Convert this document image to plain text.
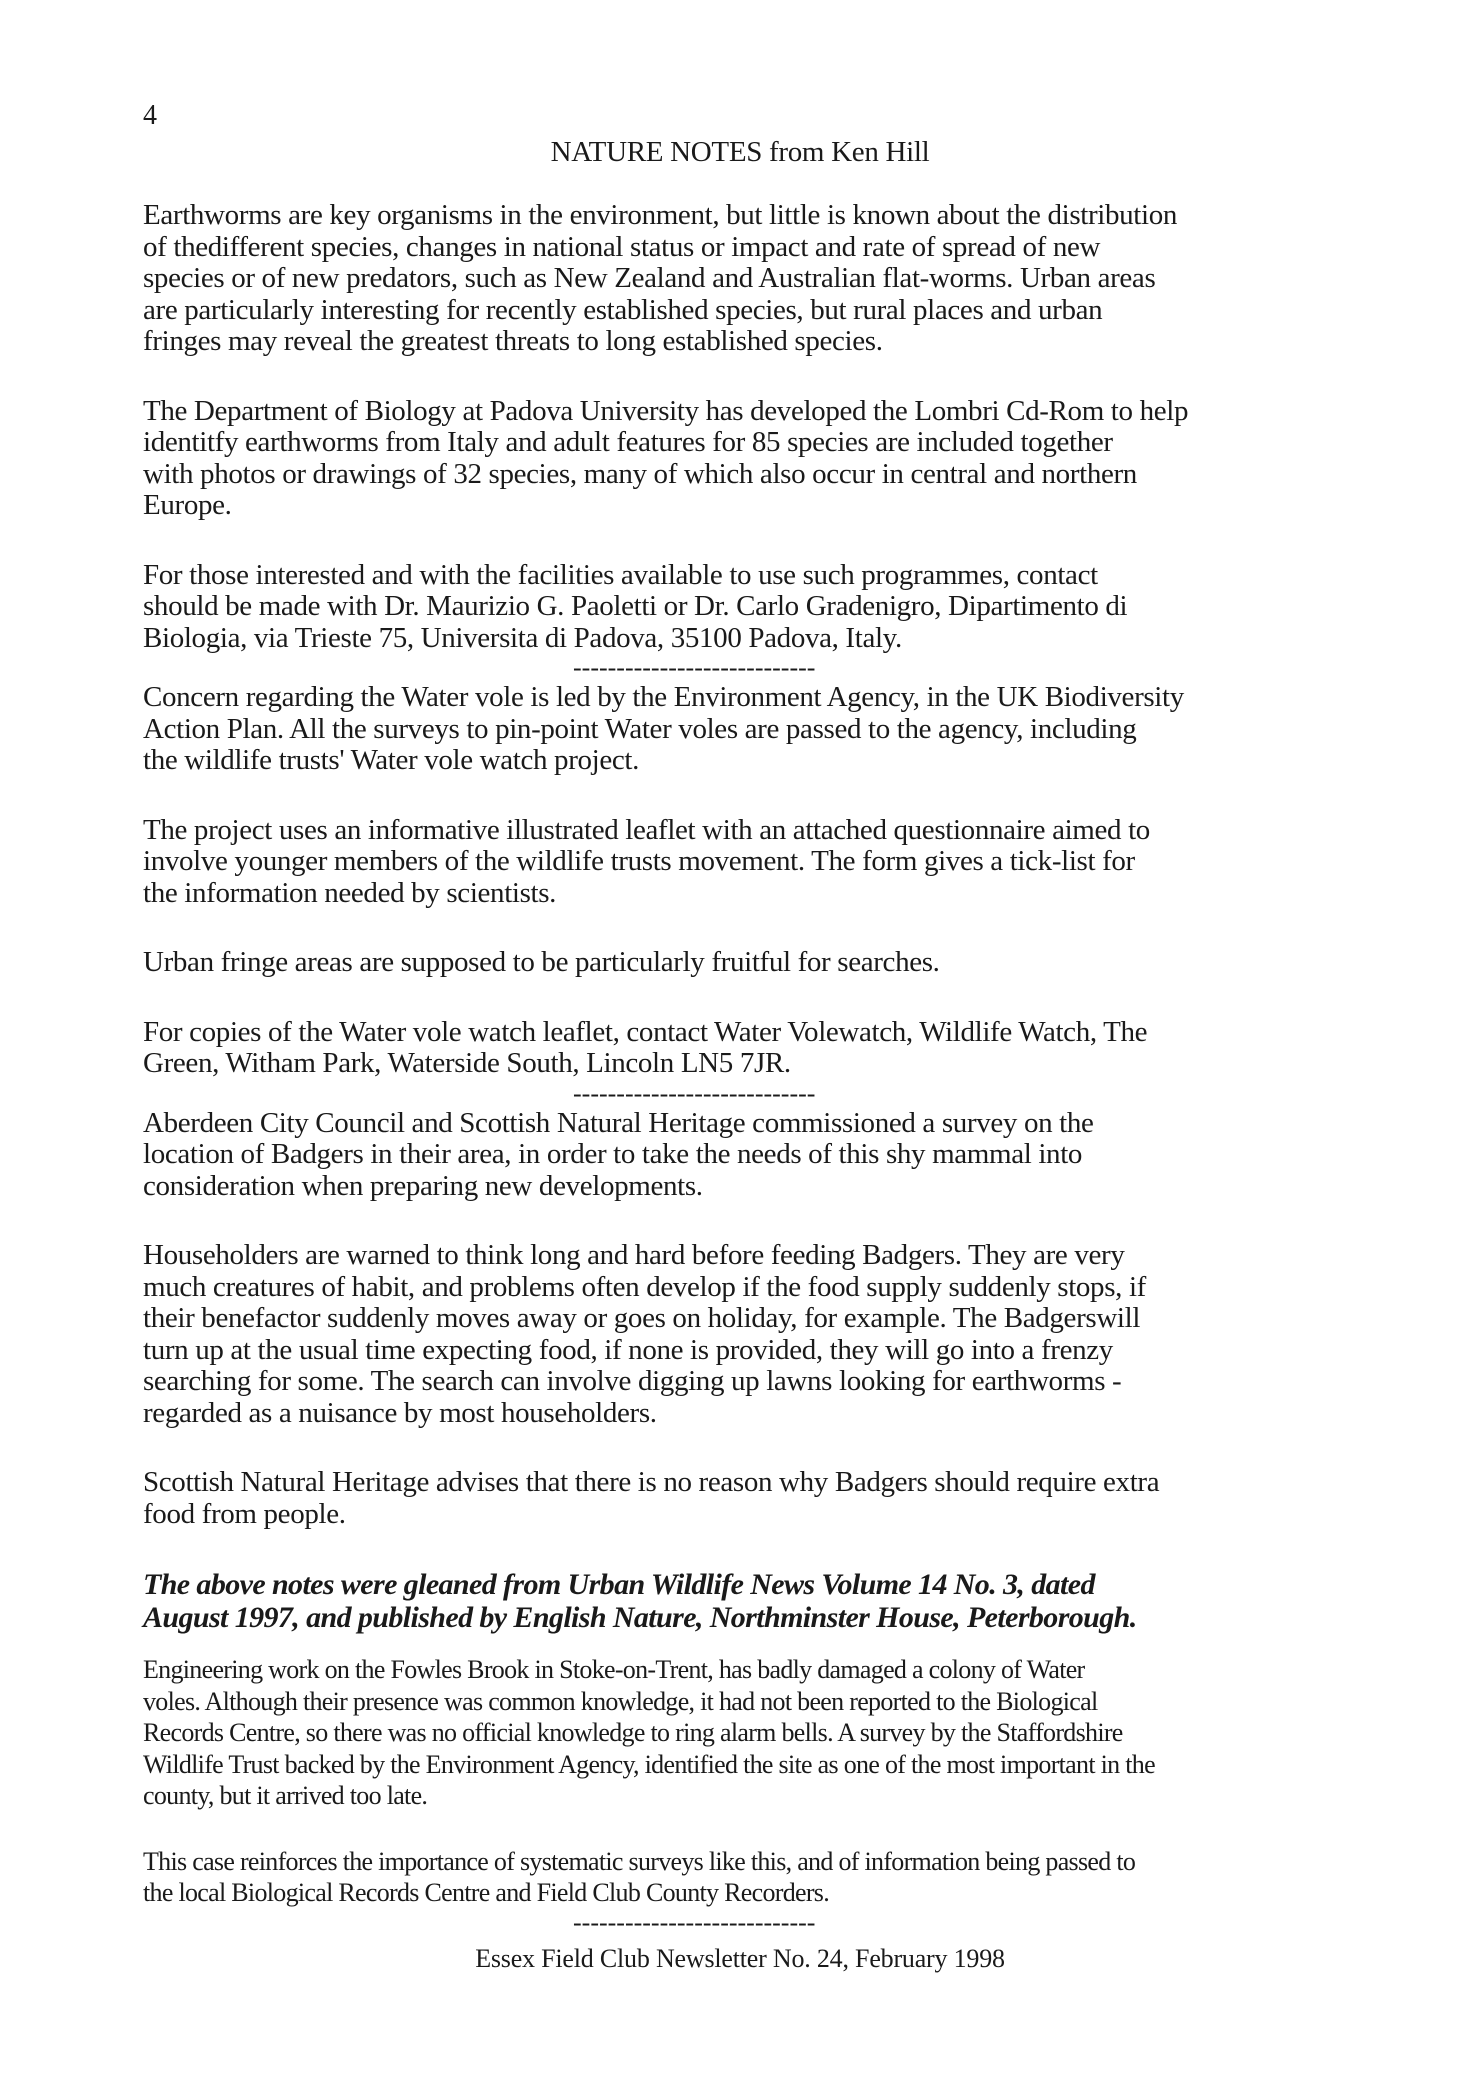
4
NATURE NOTES from Ken Hill

Earthworms are key organisms in the environment, but little is known about the distribution
of thedifferent species, changes in national status or impact and rate of spread of new
species or of new predators, such as New Zealand and Australian flat-worms. Urban areas
are particularly interesting for recently established species, but rural places and urban
fringes may reveal the greatest threats to long established species.

The Department of Biology at Padova University has developed the Lombri Cd-Rom to help
identitfy earthworms from Italy and adult features for 85 species are included together
with photos or drawings of 32 species, many of which also occur in central and northern
Europe.

For those interested and with the facilities available to use such programmes, contact
should be made with Dr. Maurizio G. Paoletti or Dr. Carlo Gradenigro, Dipartimento di
Biologia, via Trieste 75, Universita di Padova, 35100 Padova, Italy.

----------------------------

Concern regarding the Water vole is led by the Environment Agency, in the UK Biodiversity
Action Plan. All the surveys to pin-point Water voles are passed to the agency, including
the wildlife trusts' Water vole watch project.

The project uses an informative illustrated leaflet with an attached questionnaire aimed to
involve younger members of the wildlife trusts movement. The form gives a tick-list for
the information needed by scientists.

Urban fringe areas are supposed to be particularly fruitful for searches.

For copies of the Water vole watch leaflet, contact Water Volewatch, Wildlife Watch, The
Green, Witham Park, Waterside South, Lincoln LN5 7JR.

----------------------------

Aberdeen City Council and Scottish Natural Heritage commissioned a survey on the
location of Badgers in their area, in order to take the needs of this shy mammal into
consideration when preparing new developments.

Householders are warned to think long and hard before feeding Badgers. They are very
much creatures of habit, and problems often develop if the food supply suddenly stops, if
their benefactor suddenly moves away or goes on holiday, for example. The Badgerswill
turn up at the usual time expecting food, if none is provided, they will go into a frenzy
searching for some. The search can involve digging up lawns looking for earthworms -
regarded as a nuisance by most householders.

Scottish Natural Heritage advises that there is no reason why Badgers should require extra
food from people.

The above notes were gleaned from Urban Wildlife News Volume 14 No. 3, dated
August 1997, and published by English Nature, Northminster House, Peterborough.

Engineering work on the Fowles Brook in Stoke-on-Trent, has badly damaged a colony of Water
voles. Although their presence was common knowledge, it had not been reported to the Biological
Records Centre, so there was no official knowledge to ring alarm bells. A survey by the Staffordshire
Wildlife Trust backed by the Environment Agency, identified the site as one of the most important in the
county, but it arrived too late.

This case reinforces the importance of systematic surveys like this, and of information being passed to
the local Biological Records Centre and Field Club County Recorders.

----------------------------
Essex Field Club Newsletter No. 24, February 1998
